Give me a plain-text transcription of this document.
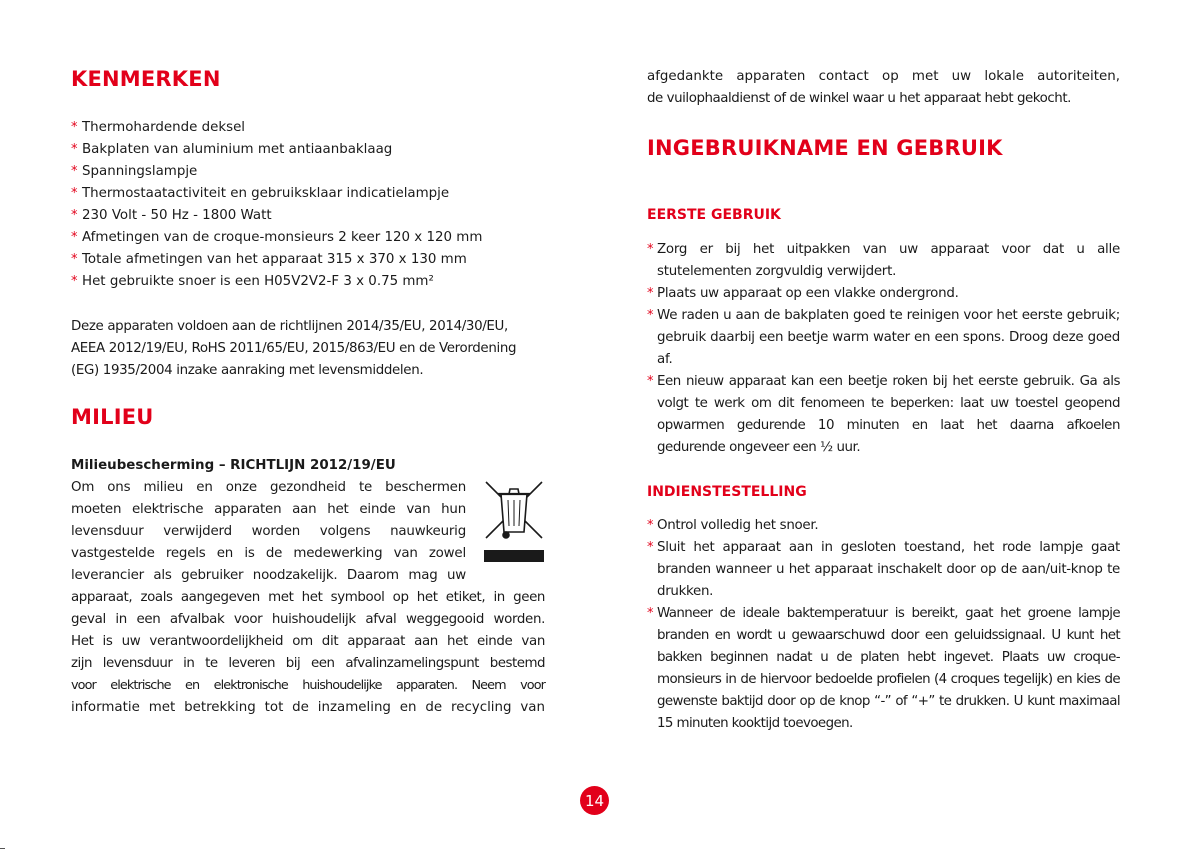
KENMERKEN
* Thermohardende deksel
* Bakplaten van aluminium met antiaanbaklaag
* Spanningslampje
* Thermostaatactiviteit en gebruiksklaar indicatielampje
* 230 Volt - 50 Hz - 1800 Watt
* Afmetingen van de croque-monsieurs 2 keer 120 x 120 mm
* Totale afmetingen van het apparaat 315 x 370 x 130 mm
* Het gebruikte snoer is een H05V2V2-F 3 x 0.75 mm²
Deze apparaten voldoen aan de richtlijnen 2014/35/EU, 2014/30/EU,
AEEA 2012/19/EU, RoHS 2011/65/EU, 2015/863/EU en de Verordening
(EG) 1935/2004 inzake aanraking met levensmiddelen.
MILIEU
Milieubescherming – RICHTLIJN 2012/19/EU
Om ons milieu en onze gezondheid te beschermen
moeten elektrische apparaten aan het einde van hun
levensduur verwijderd worden volgens nauwkeurig
vastgestelde regels en is de medewerking van zowel
leverancier als gebruiker noodzakelijk. Daarom mag uw
apparaat, zoals aangegeven met het symbool op het etiket, in geen
geval in een afvalbak voor huishoudelijk afval weggegooid worden.
Het is uw verantwoordelijkheid om dit apparaat aan het einde van
zijn levensduur in te leveren bij een afvalinzamelingspunt bestemd
voor elektrische en elektronische huishoudelijke apparaten. Neem voor
informatie met betrekking tot de inzameling en de recycling van
afgedankte apparaten contact op met uw lokale autoriteiten,
de vuilophaaldienst of de winkel waar u het apparaat hebt gekocht.
INGEBRUIKNAME EN GEBRUIK
EERSTE GEBRUIK
* Zorg er bij het uitpakken van uw apparaat voor dat u alle stutelementen zorgvuldig verwijdert.
* Plaats uw apparaat op een vlakke ondergrond.
* We raden u aan de bakplaten goed te reinigen voor het eerste gebruik; gebruik daarbij een beetje warm water en een spons. Droog deze goed af.
* Een nieuw apparaat kan een beetje roken bij het eerste gebruik. Ga als volgt te werk om dit fenomeen te beperken: laat uw toestel geopend opwarmen gedurende 10 minuten en laat het daarna afkoelen gedurende ongeveer een ½ uur.
INDIENSTESTELLING
* Ontrol volledig het snoer.
* Sluit het apparaat aan in gesloten toestand, het rode lampje gaat branden wanneer u het apparaat inschakelt door op de aan/uit-knop te drukken.
* Wanneer de ideale baktemperatuur is bereikt, gaat het groene lampje branden en wordt u gewaarschuwd door een geluidssignaal. U kunt het bakken beginnen nadat u de platen hebt ingevet. Plaats uw croque-monsieurs in de hiervoor bedoelde profielen (4 croques tegelijk) en kies de gewenste baktijd door op de knop “-” of “+” te drukken. U kunt maximaal 15 minuten kooktijd toevoegen.
14
